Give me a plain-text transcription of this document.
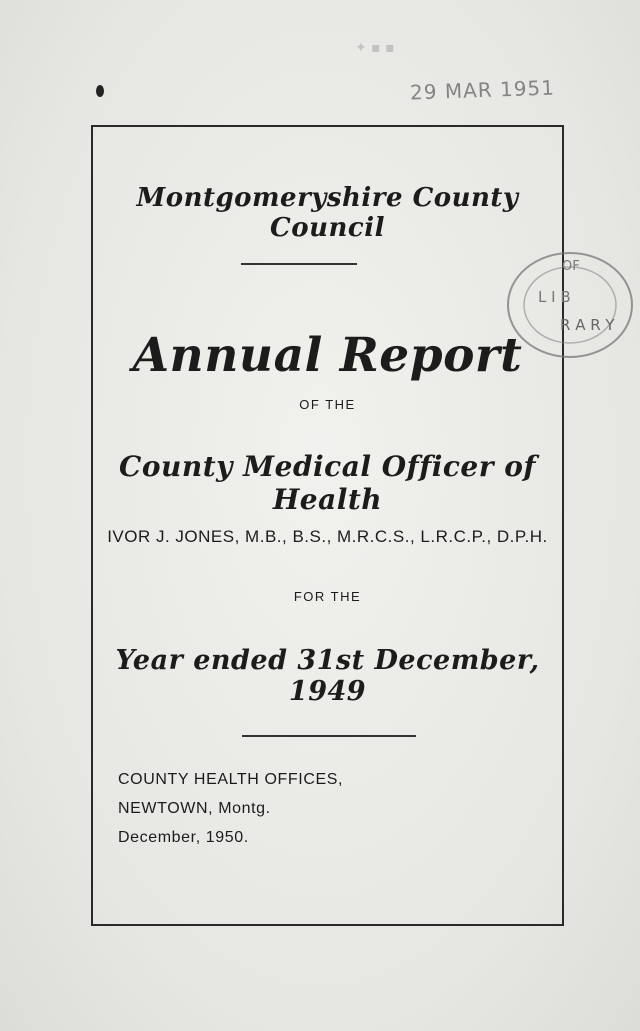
✦ ▪ ▪
29 MAR 1951
Montgomeryshire County Council
OF
L I B
R A R Y
Annual Report
OF THE
County Medical Officer of Health
IVOR J. JONES, M.B., B.S., M.R.C.S., L.R.C.P., D.P.H.
FOR THE
Year ended 31st December, 1949
COUNTY HEALTH OFFICES,
NEWTOWN, Montg.
December, 1950.
